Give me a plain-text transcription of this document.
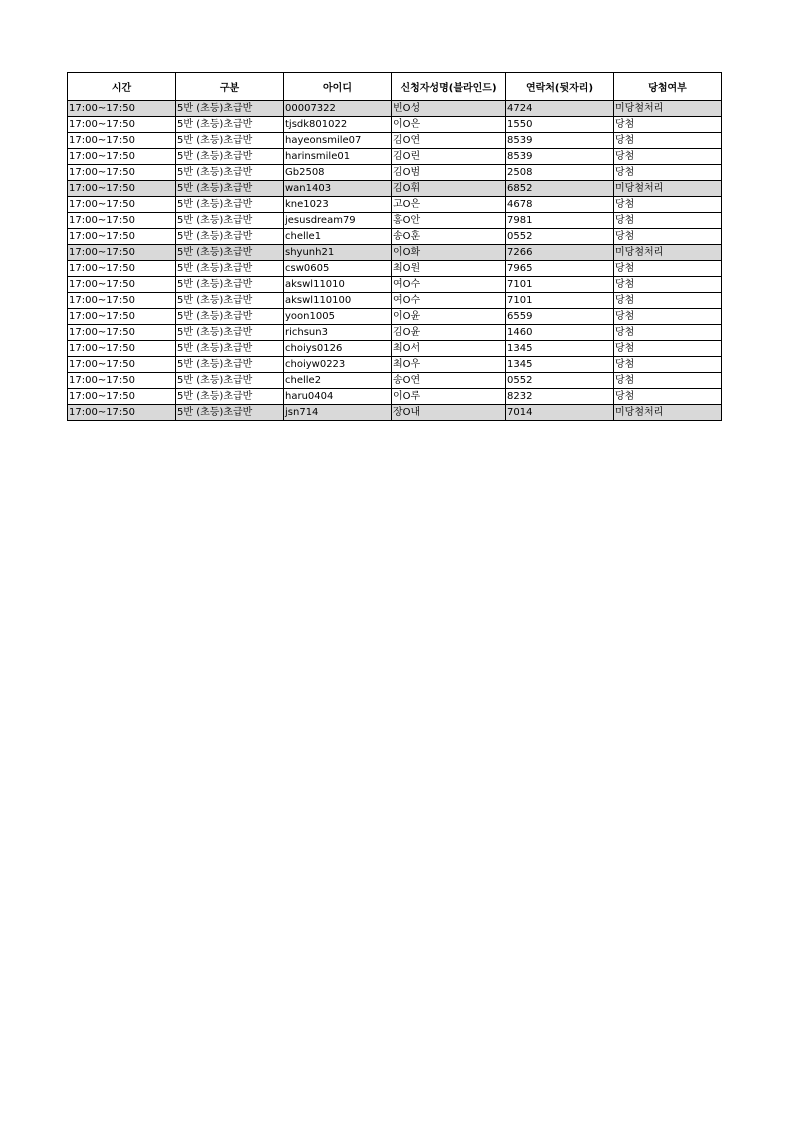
시간	구분	아이디	신청자성명(블라인드)	연락처(뒷자리)	당첨여부
17:00~17:50	5반 (초등)초급반	00007322	빈O성	4724	미당첨처리
17:00~17:50	5반 (초등)초급반	tjsdk801022	이O은	1550	당첨
17:00~17:50	5반 (초등)초급반	hayeonsmile07	김O연	8539	당첨
17:00~17:50	5반 (초등)초급반	harinsmile01	김O린	8539	당첨
17:00~17:50	5반 (초등)초급반	Gb2508	김O범	2508	당첨
17:00~17:50	5반 (초등)초급반	wan1403	김O휘	6852	미당첨처리
17:00~17:50	5반 (초등)초급반	kne1023	고O은	4678	당첨
17:00~17:50	5반 (초등)초급반	jesusdream79	홍O안	7981	당첨
17:00~17:50	5반 (초등)초급반	chelle1	송O훈	0552	당첨
17:00~17:50	5반 (초등)초급반	shyunh21	이O화	7266	미당첨처리
17:00~17:50	5반 (초등)초급반	csw0605	최O원	7965	당첨
17:00~17:50	5반 (초등)초급반	akswl11010	여O수	7101	당첨
17:00~17:50	5반 (초등)초급반	akswl110100	여O수	7101	당첨
17:00~17:50	5반 (초등)초급반	yoon1005	이O윤	6559	당첨
17:00~17:50	5반 (초등)초급반	richsun3	김O윤	1460	당첨
17:00~17:50	5반 (초등)초급반	choiys0126	최O서	1345	당첨
17:00~17:50	5반 (초등)초급반	choiyw0223	최O우	1345	당첨
17:00~17:50	5반 (초등)초급반	chelle2	송O연	0552	당첨
17:00~17:50	5반 (초등)초급반	haru0404	이O루	8232	당첨
17:00~17:50	5반 (초등)초급반	jsn714	장O내	7014	미당첨처리
